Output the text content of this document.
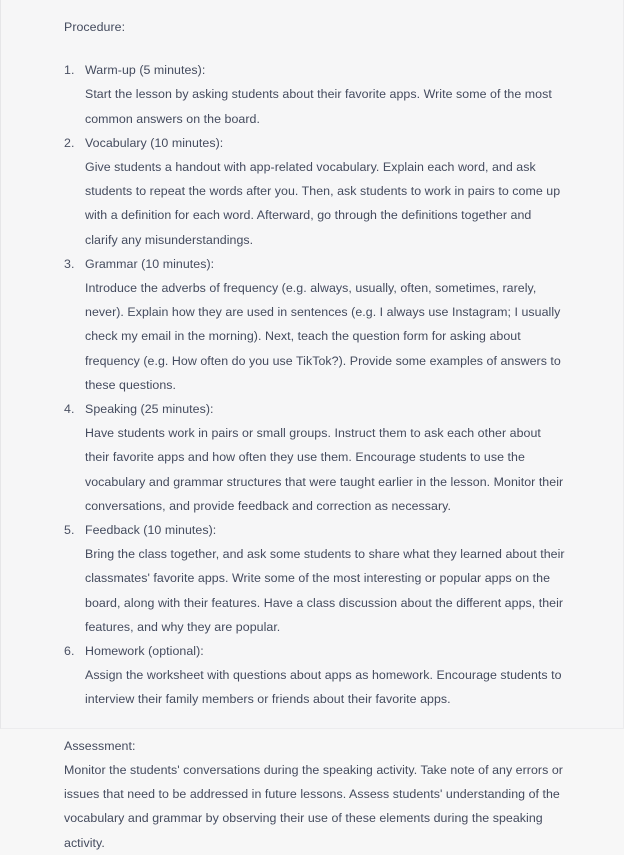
Procedure:

Warm-up (5 minutes):
Start the lesson by asking students about their favorite apps. Write some of the most common answers on the board.
Vocabulary (10 minutes):
Give students a handout with app-related vocabulary. Explain each word, and ask students to repeat the words after you. Then, ask students to work in pairs to come up with a definition for each word. Afterward, go through the definitions together and clarify any misunderstandings.
Grammar (10 minutes):
Introduce the adverbs of frequency (e.g. always, usually, often, sometimes, rarely, never). Explain how they are used in sentences (e.g. I always use Instagram; I usually check my email in the morning). Next, teach the question form for asking about frequency (e.g. How often do you use TikTok?). Provide some examples of answers to these questions.
Speaking (25 minutes):
Have students work in pairs or small groups. Instruct them to ask each other about their favorite apps and how often they use them. Encourage students to use the vocabulary and grammar structures that were taught earlier in the lesson. Monitor their conversations, and provide feedback and correction as necessary.
Feedback (10 minutes):
Bring the class together, and ask some students to share what they learned about their classmates' favorite apps. Write some of the most interesting or popular apps on the board, along with their features. Have a class discussion about the different apps, their features, and why they are popular.
Homework (optional):
Assign the worksheet with questions about apps as homework. Encourage students to interview their family members or friends about their favorite apps.

Assessment:

Monitor the students' conversations during the speaking activity. Take note of any errors or issues that need to be addressed in future lessons. Assess students' understanding of the vocabulary and grammar by observing their use of these elements during the speaking activity.
